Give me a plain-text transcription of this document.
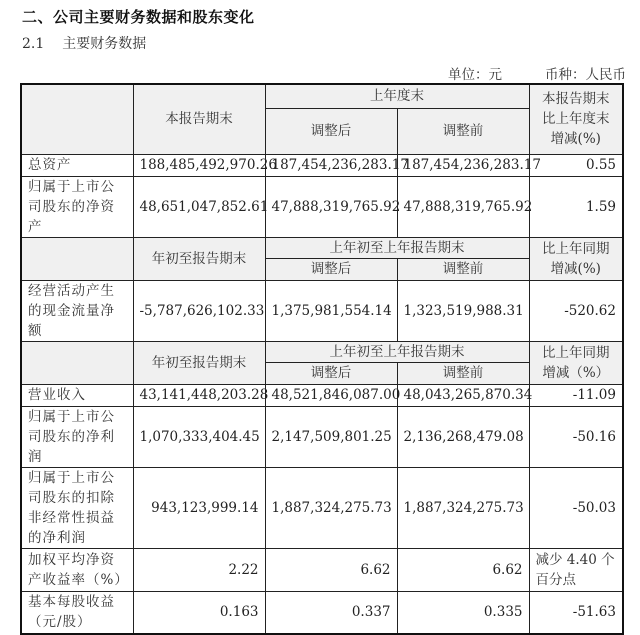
二、公司主要财务数据和股东变化
2.1 主要财务数据
单位：元	币种：人民币
	本报告期末	上年度末		本报告期末比上年度末增减(%)
		调整后	调整前	
总资产	188,485,492,970.26	187,454,236,283.17	187,454,236,283.17	0.55
归属于上市公司股东的净资产	48,651,047,852.61	47,888,319,765.92	47,888,319,765.92	1.59
	年初至报告期末	上年初至上年报告期末		比上年同期增减(%)
		调整后	调整前	
经营活动产生的现金流量净额	-5,787,626,102.33	1,375,981,554.14	1,323,519,988.31	-520.62
	年初至报告期末	上年初至上年报告期末		比上年同期增减（%）
		调整后	调整前	
营业收入	43,141,448,203.28	48,521,846,087.00	48,043,265,870.34	-11.09
归属于上市公司股东的净利润	1,070,333,404.45	2,147,509,801.25	2,136,268,479.08	-50.16
归属于上市公司股东的扣除非经常性损益的净利润	943,123,999.14	1,887,324,275.73	1,887,324,275.73	-50.03
加权平均净资产收益率（%）	2.22	6.62	6.62	减少 4.40 个百分点
基本每股收益（元/股）	0.163	0.337	0.335	-51.63
